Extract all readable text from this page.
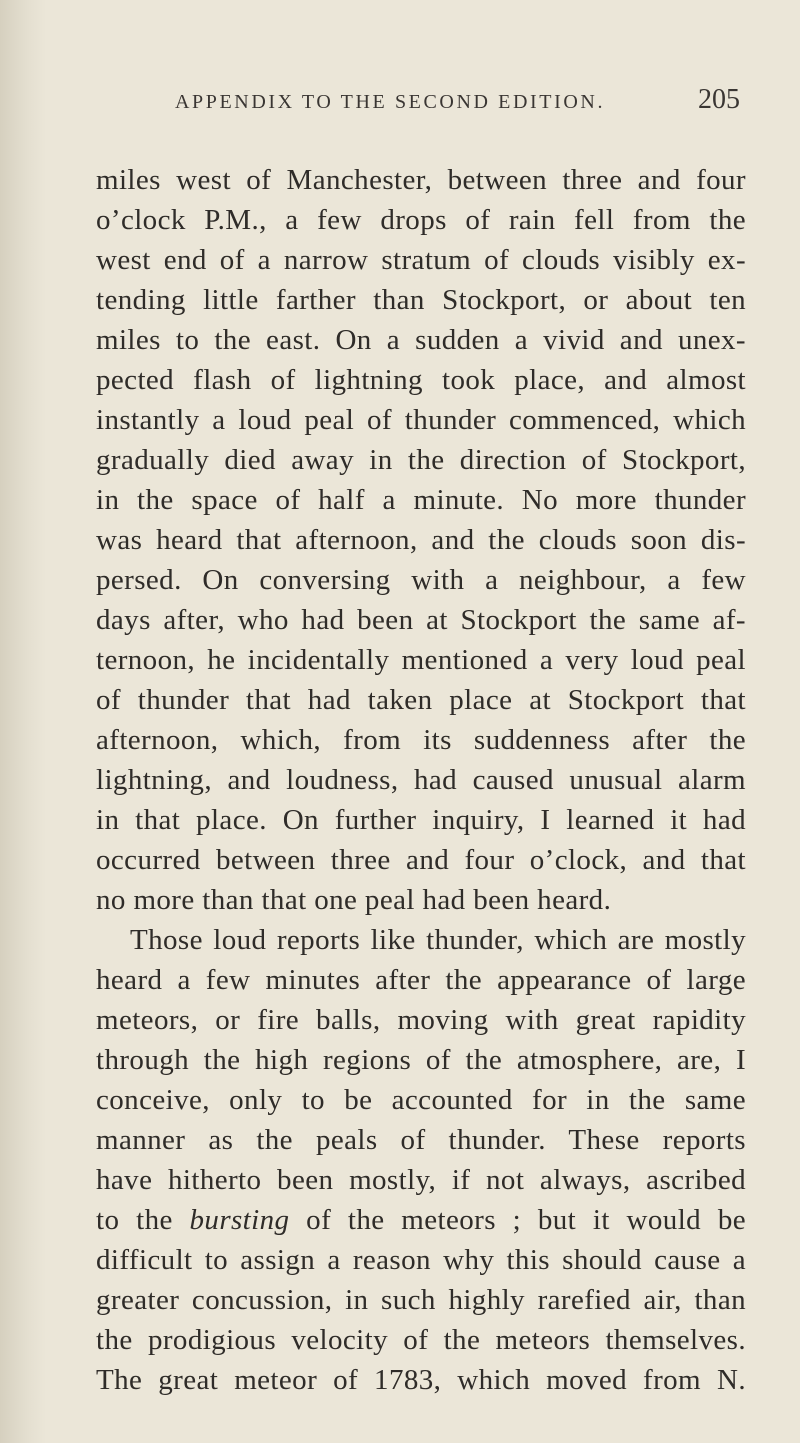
APPENDIX TO THE SECOND EDITION.	205
miles west of Manchester, between three and four
o’clock P.M., a few drops of rain fell from the
west end of a narrow stratum of clouds visibly ex-
tending little farther than Stockport, or about ten
miles to the east. On a sudden a vivid and unex-
pected flash of lightning took place, and almost
instantly a loud peal of thunder commenced, which
gradually died away in the direction of Stockport,
in the space of half a minute. No more thunder
was heard that afternoon, and the clouds soon dis-
persed. On conversing with a neighbour, a few
days after, who had been at Stockport the same af-
ternoon, he incidentally mentioned a very loud peal
of thunder that had taken place at Stockport that
afternoon, which, from its suddenness after the
lightning, and loudness, had caused unusual alarm
in that place. On further inquiry, I learned it had
occurred between three and four o’clock, and that
no more than that one peal had been heard.
Those loud reports like thunder, which are mostly
heard a few minutes after the appearance of large
meteors, or fire balls, moving with great rapidity
through the high regions of the atmosphere, are, I
conceive, only to be accounted for in the same
manner as the peals of thunder. These reports
have hitherto been mostly, if not always, ascribed
to the bursting of the meteors ; but it would be
difficult to assign a reason why this should cause a
greater concussion, in such highly rarefied air, than
the prodigious velocity of the meteors themselves.
The great meteor of 1783, which moved from N.
